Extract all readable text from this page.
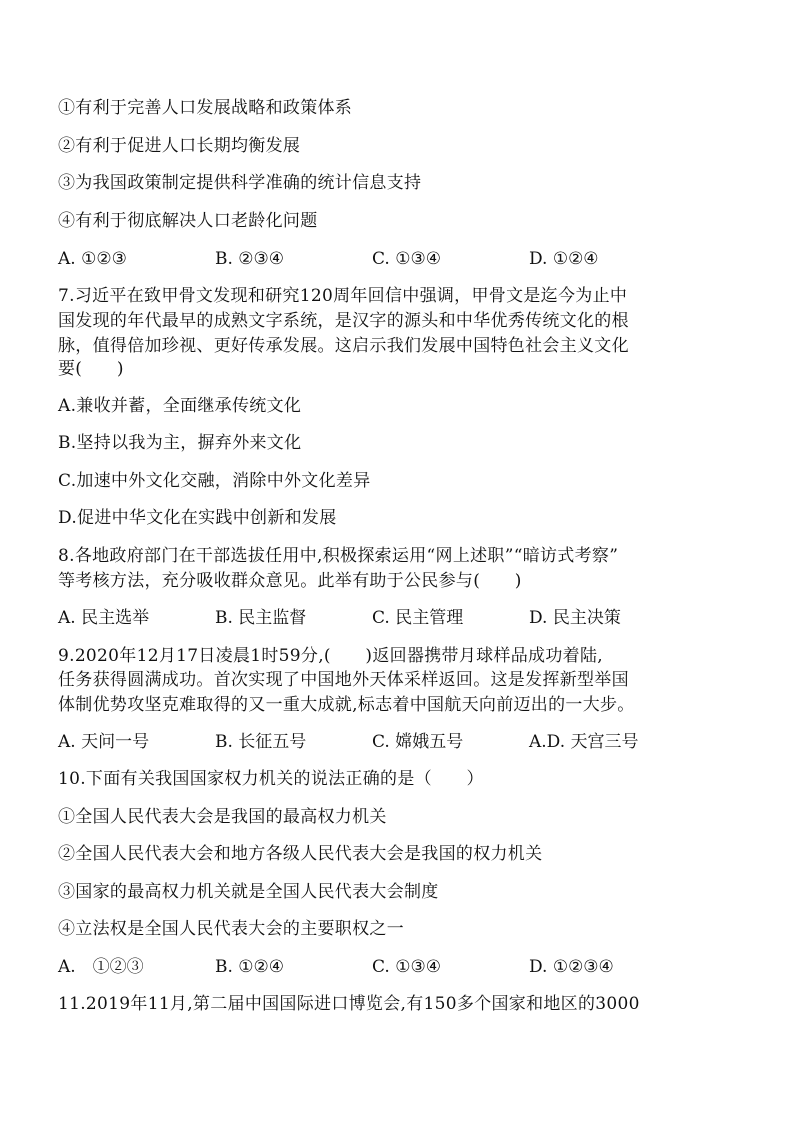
①有利于完善人口发展战略和政策体系
②有利于促进人口长期均衡发展
③为我国政策制定提供科学准确的统计信息支持
④有利于彻底解决人口老龄化问题
A. ①②③	B. ②③④	C. ①③④	D. ①②④
7.习近平在致甲骨文发现和研究120周年回信中强调，甲骨文是迄今为止中
国发现的年代最早的成熟文字系统，是汉字的源头和中华优秀传统文化的根
脉，值得倍加珍视、更好传承发展。这启示我们发展中国特色社会主义文化
要(　　)
A.兼收并蓄，全面继承传统文化
B.坚持以我为主，摒弃外来文化
C.加速中外文化交融，消除中外文化差异
D.促进中华文化在实践中创新和发展
8.各地政府部门在干部选拔任用中,积极探索运用“网上述职”“暗访式考察”
等考核方法，充分吸收群众意见。此举有助于公民参与(　　)
A. 民主选举	B. 民主监督	C. 民主管理	D. 民主决策
9.2020年12月17日凌晨1时59分,(　　)返回器携带月球样品成功着陆,
任务获得圆满成功。首次实现了中国地外天体采样返回。这是发挥新型举国
体制优势攻坚克难取得的又一重大成就,标志着中国航天向前迈出的一大步。
A. 天问一号	B. 长征五号	C. 嫦娥五号	A.D. 天宫三号
10.下面有关我国国家权力机关的说法正确的是（　　）
①全国人民代表大会是我国的最高权力机关
②全国人民代表大会和地方各级人民代表大会是我国的权力机关
③国家的最高权力机关就是全国人民代表大会制度
④立法权是全国人民代表大会的主要职权之一
A.　①②③	B. ①②④	C. ①③④	D. ①②③④
11.2019年11月,第二届中国国际进口博览会,有150多个国家和地区的3000
